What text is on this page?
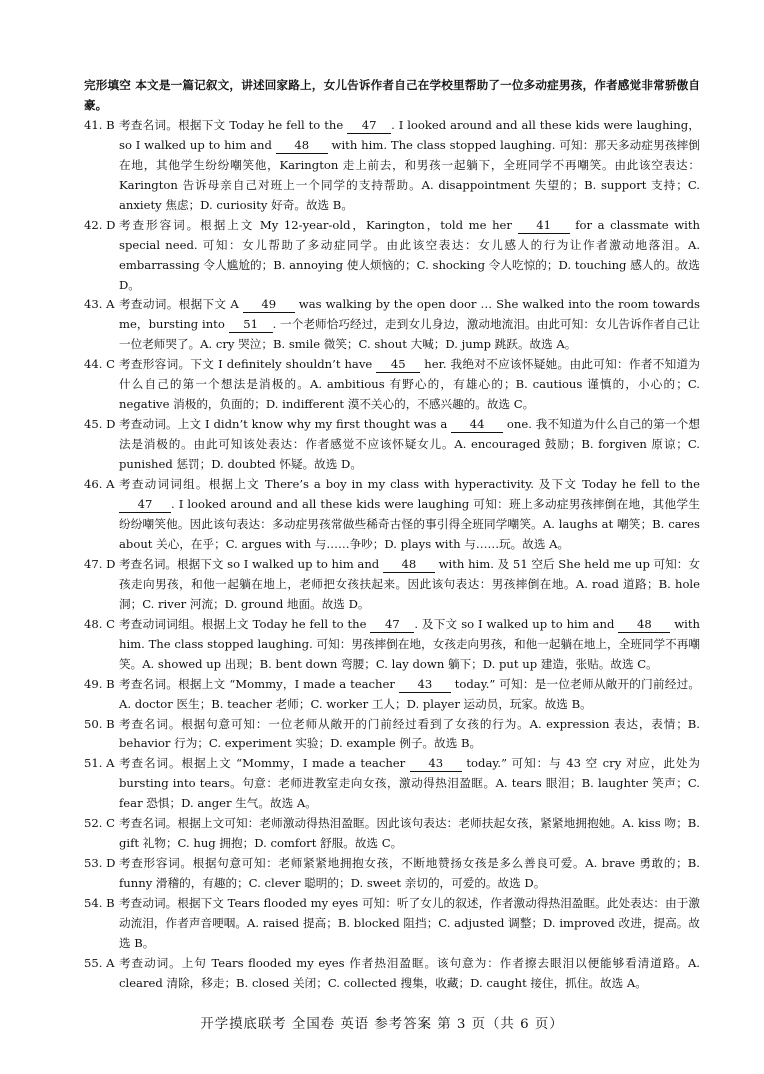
完形填空 本文是一篇记叙文，讲述回家路上，女儿告诉作者自己在学校里帮助了一位多动症男孩，作者感觉非常骄傲自豪。
41. B 考查名词。根据下文 Today he fell to the 47 . I looked around and all these kids were laughing，so I walked up to him and 48 with him. The class stopped laughing. 可知：那天多动症男孩摔倒在地，其他学生纷纷嘲笑他，Karington 走上前去，和男孩一起躺下，全班同学不再嘲笑。由此该空表达：Karington 告诉母亲自己对班上一个同学的支持帮助。A. disappointment 失望的；B. support 支持；C. anxiety 焦虑；D. curiosity 好奇。故选 B。
42. D 考查形容词。根据上文 My 12-year-old，Karington，told me her 41 for a classmate with special need. 可知：女儿帮助了多动症同学。由此该空表达：女儿感人的行为让作者激动地落泪。A. embarrassing 令人尴尬的；B. annoying 使人烦恼的；C. shocking 令人吃惊的；D. touching 感人的。故选 D。
43. A 考查动词。根据下文 A 49 was walking by the open door … She walked into the room towards me，bursting into 51 . 一个老师恰巧经过，走到女儿身边，激动地流泪。由此可知：女儿告诉作者自己让一位老师哭了。A. cry 哭泣；B. smile 微笑；C. shout 大喊；D. jump 跳跃。故选 A。
44. C 考查形容词。下文 I definitely shouldn’t have 45 her. 我绝对不应该怀疑她。由此可知：作者不知道为什么自己的第一个想法是消极的。A. ambitious 有野心的，有雄心的；B. cautious 谨慎的，小心的；C. negative 消极的，负面的；D. indifferent 漠不关心的，不感兴趣的。故选 C。
45. D 考查动词。上文 I didn’t know why my first thought was a 44 one. 我不知道为什么自己的第一个想法是消极的。由此可知该处表达：作者感觉不应该怀疑女儿。A. encouraged 鼓励；B. forgiven 原谅；C. punished 惩罚；D. doubted 怀疑。故选 D。
46. A 考查动词词组。根据上文 There’s a boy in my class with hyperactivity. 及下文 Today he fell to the 47 . I looked around and all these kids were laughing 可知：班上多动症男孩摔倒在地，其他学生纷纷嘲笑他。因此该句表达：多动症男孩常做些稀奇古怪的事引得全班同学嘲笑。A. laughs at 嘲笑；B. cares about 关心，在乎；C. argues with 与……争吵；D. plays with 与……玩。故选 A。
47. D 考查名词。根据下文 so I walked up to him and 48 with him. 及 51 空后 She held me up 可知：女孩走向男孩，和他一起躺在地上，老师把女孩扶起来。因此该句表达：男孩摔倒在地。A. road 道路；B. hole 洞；C. river 河流；D. ground 地面。故选 D。
48. C 考查动词词组。根据上文 Today he fell to the 47 . 及下文 so I walked up to him and 48 with him. The class stopped laughing. 可知：男孩摔倒在地，女孩走向男孩，和他一起躺在地上，全班同学不再嘲笑。A. showed up 出现；B. bent down 弯腰；C. lay down 躺下；D. put up 建造，张贴。故选 C。
49. B 考查名词。根据上文 “Mommy，I made a teacher 43 today.” 可知：是一位老师从敞开的门前经过。A. doctor 医生；B. teacher 老师；C. worker 工人；D. player 运动员，玩家。故选 B。
50. B 考查名词。根据句意可知：一位老师从敞开的门前经过看到了女孩的行为。A. expression 表达，表情；B. behavior 行为；C. experiment 实验；D. example 例子。故选 B。
51. A 考查名词。根据上文 “Mommy，I made a teacher 43 today.” 可知：与 43 空 cry 对应，此处为 bursting into tears。句意：老师进教室走向女孩，激动得热泪盈眶。A. tears 眼泪；B. laughter 笑声；C. fear 恐惧；D. anger 生气。故选 A。
52. C 考查名词。根据上文可知：老师激动得热泪盈眶。因此该句表达：老师扶起女孩，紧紧地拥抱她。A. kiss 吻；B. gift 礼物；C. hug 拥抱；D. comfort 舒服。故选 C。
53. D 考查形容词。根据句意可知：老师紧紧地拥抱女孩，不断地赞扬女孩是多么善良可爱。A. brave 勇敢的；B. funny 滑稽的，有趣的；C. clever 聪明的；D. sweet 亲切的，可爱的。故选 D。
54. B 考查动词。根据下文 Tears flooded my eyes 可知：听了女儿的叙述，作者激动得热泪盈眶。此处表达：由于激动流泪，作者声音哽咽。A. raised 提高；B. blocked 阻挡；C. adjusted 调整；D. improved 改进，提高。故选 B。
55. A 考查动词。上句 Tears flooded my eyes 作者热泪盈眶。该句意为：作者擦去眼泪以便能够看清道路。A. cleared 清除，移走；B. closed 关闭；C. collected 搜集，收藏；D. caught 接住，抓住。故选 A。
开学摸底联考 全国卷 英语 参考答案 第 3 页（共 6 页）
